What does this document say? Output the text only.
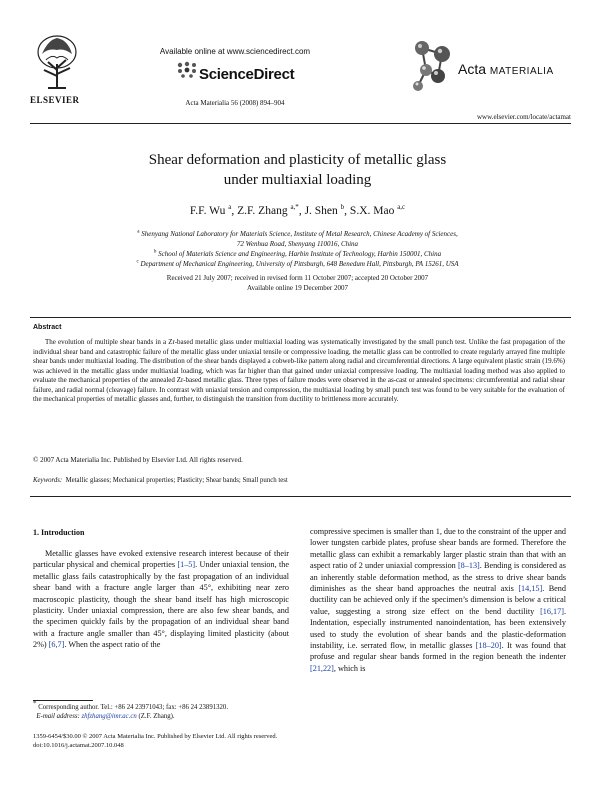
ELSEVIER
Available online at www.sciencedirect.com
ScienceDirect
Acta Materialia 56 (2008) 894–904
Acta MATERIALIA
www.elsevier.com/locate/actamat
Shear deformation and plasticity of metallic glass
under multiaxial loading
F.F. Wu $^a$, Z.F. Zhang $^{a,*}$, J. Shen $^b$, S.X. Mao $^{a,c}$
$^a$ Shenyang National Laboratory for Materials Science, Institute of Metal Research, Chinese Academy of Sciences,
72 Wenhua Road, Shenyang 110016, China
$^b$ School of Materials Science and Engineering, Harbin Institute of Technology, Harbin 150001, China
$^c$ Department of Mechanical Engineering, University of Pittsburgh, 648 Benedum Hall, Pittsburgh, PA 15261, USA
Received 21 July 2007; received in revised form 11 October 2007; accepted 20 October 2007
Available online 19 December 2007
Abstract
The evolution of multiple shear bands in a Zr-based metallic glass under multiaxial loading was systematically investigated by the small punch test. Unlike the fast propagation of the individual shear band and catastrophic failure of the metallic glass under uniaxial tensile or compressive loading, the metallic glass can be controlled to create regularly arrayed fine multiple shear bands under multiaxial loading. The distribution of the shear bands displayed a cobweb-like pattern along radial and circumferential directions. A large equivalent plastic strain (19.6%) was achieved in the metallic glass under multiaxial loading, which was far higher than that gained under uniaxial compressive loading. The multiaxial loading method was also applied to evaluate the mechanical properties of the annealed Zr-based metallic glass. Three types of failure modes were observed in the as-cast or annealed specimens: circumferential and radial shear failure, and radial normal (cleavage) failure. In contrast with uniaxial tension and compression, the multiaxial loading by small punch test was found to be very suitable for the evaluation of the mechanical properties of metallic glasses and, further, to distinguish the transition from ductility to brittleness more accurately.
© 2007 Acta Materialia Inc. Published by Elsevier Ltd. All rights reserved.
Keywords: Metallic glasses; Mechanical properties; Plasticity; Shear bands; Small punch test
1. Introduction
Metallic glasses have evoked extensive research interest because of their particular physical and chemical properties [1–5]. Under uniaxial tension, the metallic glass fails catastrophically by the fast propagation of an individual shear band with a fracture angle larger than 45°, exhibiting near zero macroscopic plasticity, though the shear band itself has high microscopic plasticity. Under uniaxial compression, there are also few shear bands, and the specimen quickly fails by the propagation of an individual shear band with a fracture angle smaller than 45°, displaying limited plasticity (about 2%) [6,7]. When the aspect ratio of the
compressive specimen is smaller than 1, due to the constraint of the upper and lower tungsten carbide plates, profuse shear bands are formed. Therefore the metallic glass can exhibit a remarkably larger plastic strain than that with an aspect ratio of 2 under uniaxial compression [8–13]. Bending is considered as an inherently stable deformation method, as the stress to drive shear bands diminishes as the shear band approaches the neutral axis [14,15]. Bend ductility can be achieved only if the specimen’s dimension is below a critical value, suggesting a strong size effect on the bend ductility [16,17]. Indentation, especially instrumented nanoindentation, has been extensively used to study the evolution of shear bands and the plastic-deformation instability, i.e. serrated flow, in metallic glasses [18–20]. It was found that profuse and regular shear bands formed in the region beneath the indenter [21,22], which is
* Corresponding author. Tel.: +86 24 23971043; fax: +86 24 23891320.
E-mail address: zhfzhang@imr.ac.cn (Z.F. Zhang).
1359-6454/$30.00 © 2007 Acta Materialia Inc. Published by Elsevier Ltd. All rights reserved.
doi:10.1016/j.actamat.2007.10.048
